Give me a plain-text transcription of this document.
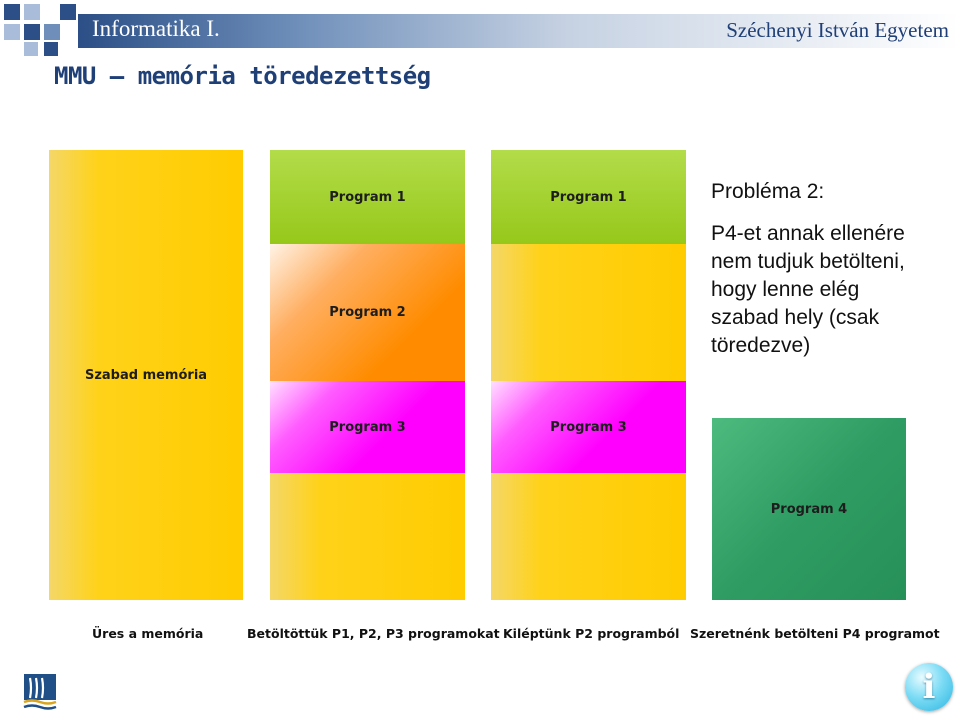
Informatika I.	Széchenyi István Egyetem
MMU – memória töredezettség
Szabad memória
Program 1
Program 2
Program 3
Program 1
Program 3
Program 4
Üres a memória	Betöltöttük P1, P2, P3 programokat Kiléptünk P2 programból Szeretnénk betölteni P4 programot

Probléma 2:

P4-et annak ellenére
nem tudjuk betölteni,
hogy lenne elég
szabad hely (csak
töredezve)

i
